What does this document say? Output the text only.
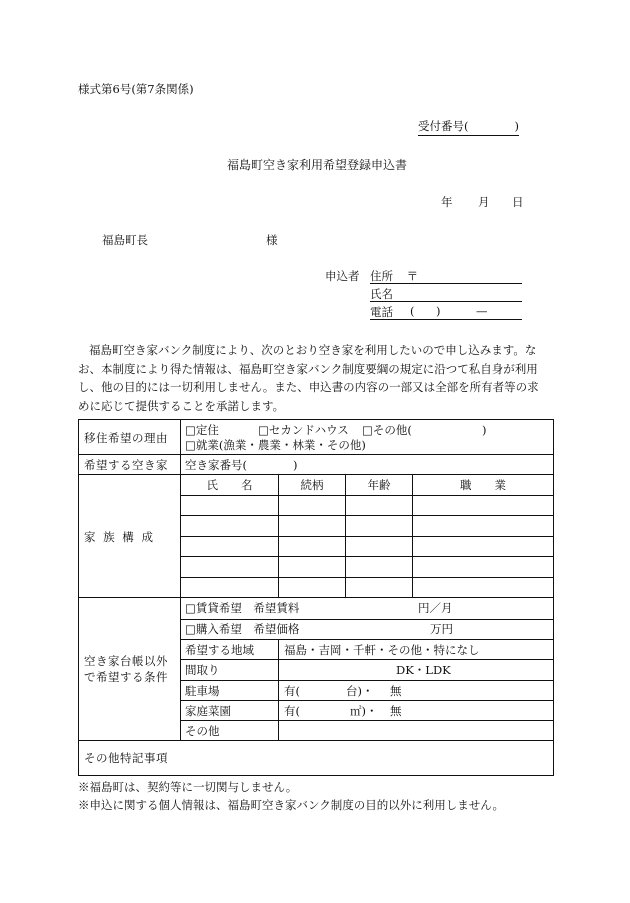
様式第6号(第7条関係)
受付番号(　　　　)
福島町空き家利用希望登録申込書
年 月 日
福島町長	様
申込者 住所 〒
氏名
電話 ( )	—
福島町空き家バンク制度により、次のとおり空き家を利用したいので申し込みます。な
お、本制度により得た情報は、福島町空き家バンク制度要綱の規定に沿つて私自身が利用
し、他の目的には一切利用しません。また、申込書の内容の一部又は全部を所有者等の求
めに応じて提供することを承諾します。
移住希望の理由
□定住	□セカンドハウス □その他(	)
□就業(漁業・農業・林業・その他)
希望する空き家 空き家番号(　　　　)
家 族 構 成
氏　　名	続柄	年齢	職　　業
空き家台帳以外
で希望する条件
□賃貸希望　希望賃料	円／月
□購入希望　希望価格	万円
希望する地域	福島・吉岡・千軒・その他・特になし
間取り	DK・LDK
駐車場	有(	台)・ 無
家庭菜園	有(	㎡)・ 無
その他
その他特記事項
※福島町は、契約等に一切関与しません。
※申込に関する個人情報は、福島町空き家バンク制度の目的以外に利用しません。
